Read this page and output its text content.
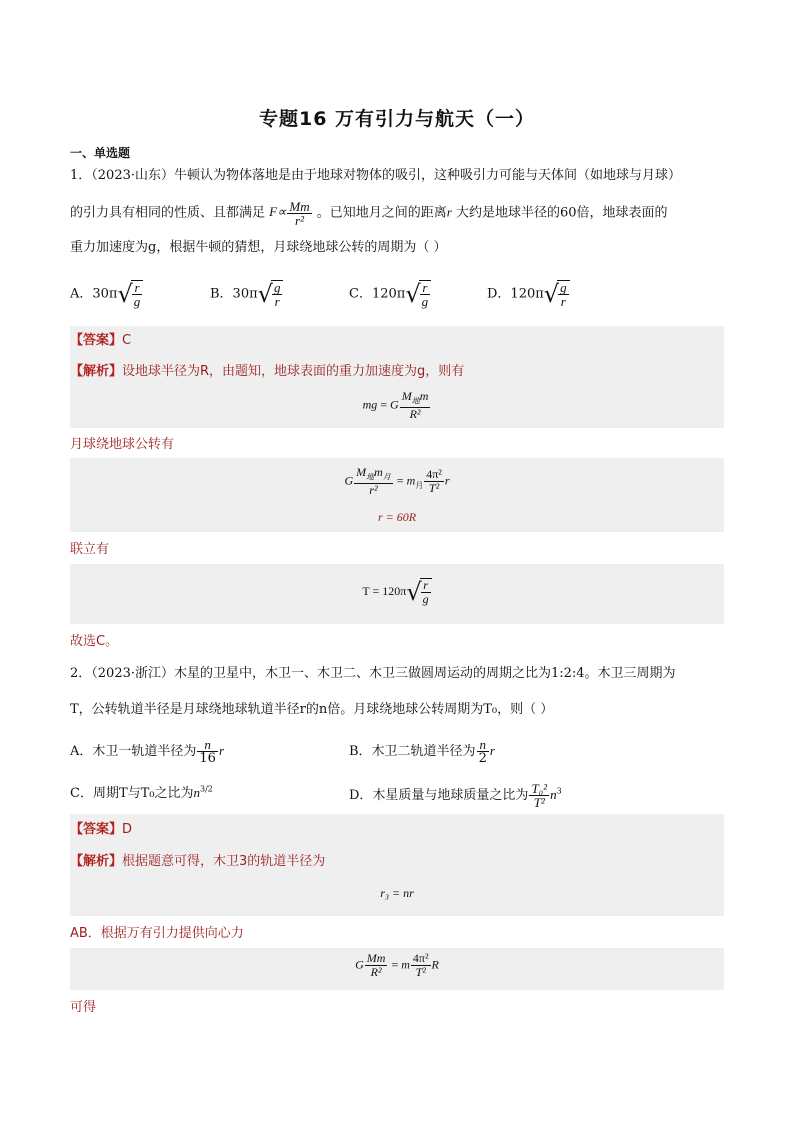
专题16 万有引力与航天（一）
一、单选题
1．（2023·山东）牛顿认为物体落地是由于地球对物体的吸引，这种吸引力可能与天体间（如地球与月球）
的引力具有相同的性质、且都满足 $F\propto \frac{Mm}{\text{r²}}$ 。已知地月之间的距离r 大约是地球半径的60倍，地球表面的
重力加速度为g，根据牛顿的猜想，月球绕地球公转的周期为（ ）
A．$30\pi√ \frac{r}{g}$	B．$30\pi√ \frac{g}{r}$	C．$120\pi√ \frac{r}{g}$	D．$120\pi√ \frac{g}{r}$
【答案】C
【解析】设地球半径为R，由题知，地球表面的重力加速度为g，则有
mg = G $\frac{M_地m}{\text{R²}}$
月球绕地球公转有
G $\frac{M_地m_月}{\text{r²}} = m_月 \frac{\text{4π²}}{\text{T²}}$ r
r = 60R
联立有
$T = 120\pi√ \frac{r}{g}$
故选C。
2．（2023·浙江）木星的卫星中，木卫一、木卫二、木卫三做圆周运动的周期之比为1:2:4。木卫三周期为
T，公转轨道半径是月球绕地球轨道半径r的n倍。月球绕地球公转周期为T₀，则（ ）
A．木卫一轨道半径为 $\frac{n}{16}$ r	B．木卫二轨道半径为 $\frac{n}{2}$ r
C．周期T与T₀之比为$n^{3/2}$	D．木星质量与地球质量之比为 $\frac{\text{T₀²}}{\text{T²}} n^3$
【答案】D
【解析】根据题意可得，木卫3的轨道半径为
r₃ = nr
AB．根据万有引力提供向心力
G $\frac{Mm}{\text{R²}} = m \frac{\text{4π²}}{\text{T²}}$ R
可得
